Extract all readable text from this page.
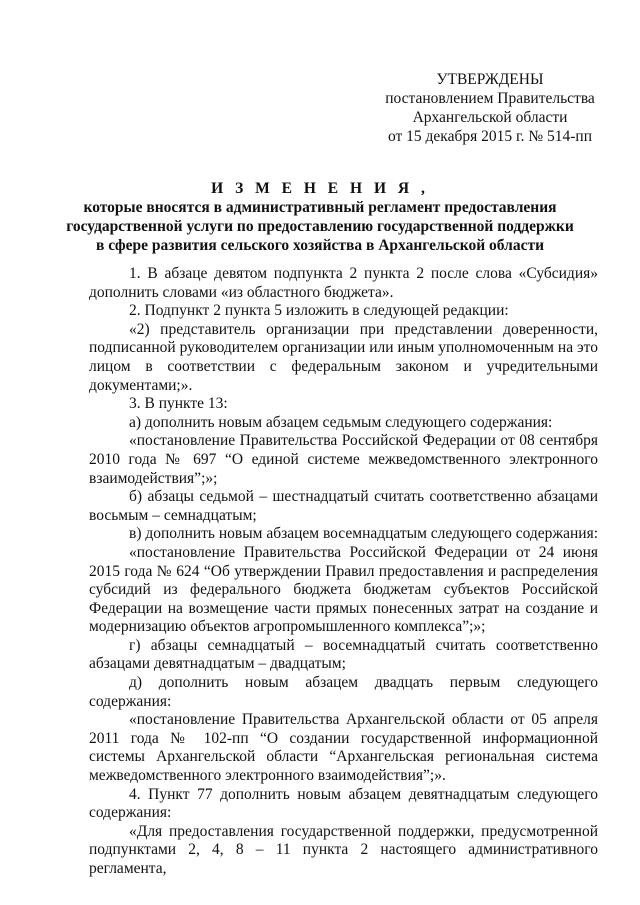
УТВЕРЖДЕНЫ
постановлением Правительства
Архангельской области
от 15 декабря 2015 г. № 514-пп
И З М Е Н Е Н И Я ,
которые вносятся в административный регламент предоставления
государственной услуги по предоставлению государственной поддержки
в сфере развития сельского хозяйства в Архангельской области

1. В абзаце девятом подпункта 2 пункта 2 после слова «Субсидия» дополнить словами «из областного бюджета».

2. Подпункт 2 пункта 5 изложить в следующей редакции:

«2) представитель организации при представлении доверенности, подписанной руководителем организации или иным уполномоченным на это лицом в соответствии с федеральным законом и учредительными документами;».

3. В пункте 13:

а) дополнить новым абзацем седьмым следующего содержания:

«постановление Правительства Российской Федерации от 08 сентября 2010 года № 697 “О единой системе межведомственного электронного взаимодействия”;»;

б) абзацы седьмой – шестнадцатый считать соответственно абзацами восьмым – семнадцатым;

в) дополнить новым абзацем восемнадцатым следующего содержания:

«постановление Правительства Российской Федерации от 24 июня 2015 года № 624 “Об утверждении Правил предоставления и распределения субсидий из федерального бюджета бюджетам субъектов Российской Федерации на возмещение части прямых понесенных затрат на создание и модернизацию объектов агропромышленного комплекса”;»;

г) абзацы семнадцатый – восемнадцатый считать соответственно абзацами девятнадцатым – двадцатым;

д) дополнить новым абзацем двадцать первым следующего содержания:

«постановление Правительства Архангельской области от 05 апреля 2011 года № 102-пп “О создании государственной информационной системы Архангельской области “Архангельская региональная система межведомственного электронного взаимодействия”;».

4. Пункт 77 дополнить новым абзацем девятнадцатым следующего содержания:

«Для предоставления государственной поддержки, предусмотренной подпунктами 2, 4, 8 – 11 пункта 2 настоящего административного регламента,
